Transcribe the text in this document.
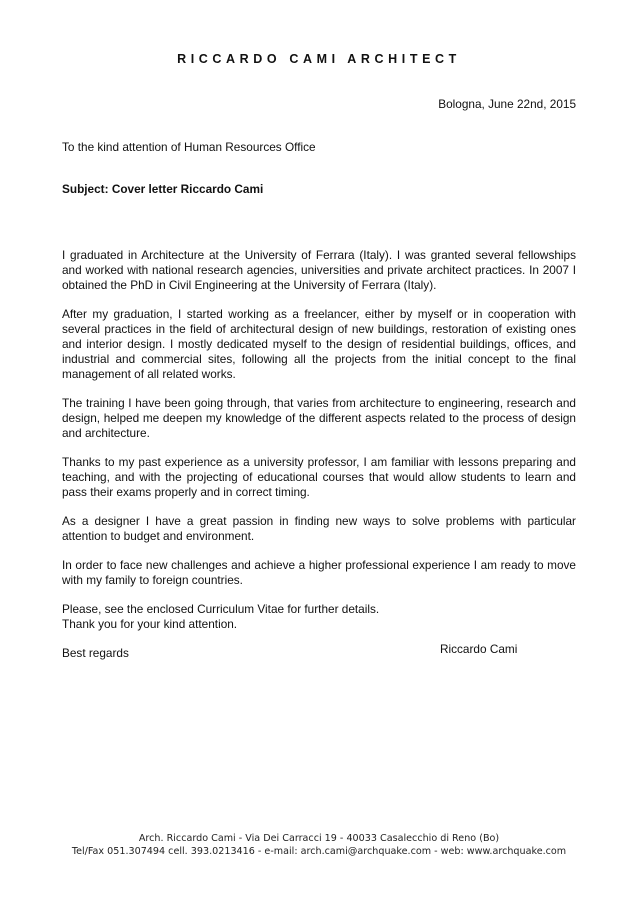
RICCARDO CAMI ARCHITECT
Bologna, June 22nd, 2015
To the kind attention of Human Resources Office
Subject: Cover letter Riccardo Cami

I graduated in Architecture at the University of Ferrara (Italy). I was granted several fellowships and worked with national research agencies, universities and private architect practices. In 2007 I obtained the PhD in Civil Engineering at the University of Ferrara (Italy).

After my graduation, I started working as a freelancer, either by myself or in cooperation with several practices in the field of architectural design of new buildings, restoration of existing ones and interior design. I mostly dedicated myself to the design of residential buildings, offices, and industrial and commercial sites, following all the projects from the initial concept to the final management of all related works.

The training I have been going through, that varies from architecture to engineering, research and design, helped me deepen my knowledge of the different aspects related to the process of design and architecture.

Thanks to my past experience as a university professor, I am familiar with lessons preparing and teaching, and with the projecting of educational courses that would allow students to learn and pass their exams properly and in correct timing.

As a designer I have a great passion in finding new ways to solve problems with particular attention to budget and environment.

In order to face new challenges and achieve a higher professional experience I am ready to move with my family to foreign countries.

Please, see the enclosed Curriculum Vitae for further details.

Thank you for your kind attention.

Best regards	Riccardo Cami
Arch. Riccardo Cami - Via Dei Carracci 19 - 40033 Casalecchio di Reno (Bo)
Tel/Fax 051.307494 cell. 393.0213416 - e-mail: arch.cami@archquake.com - web: www.archquake.com
